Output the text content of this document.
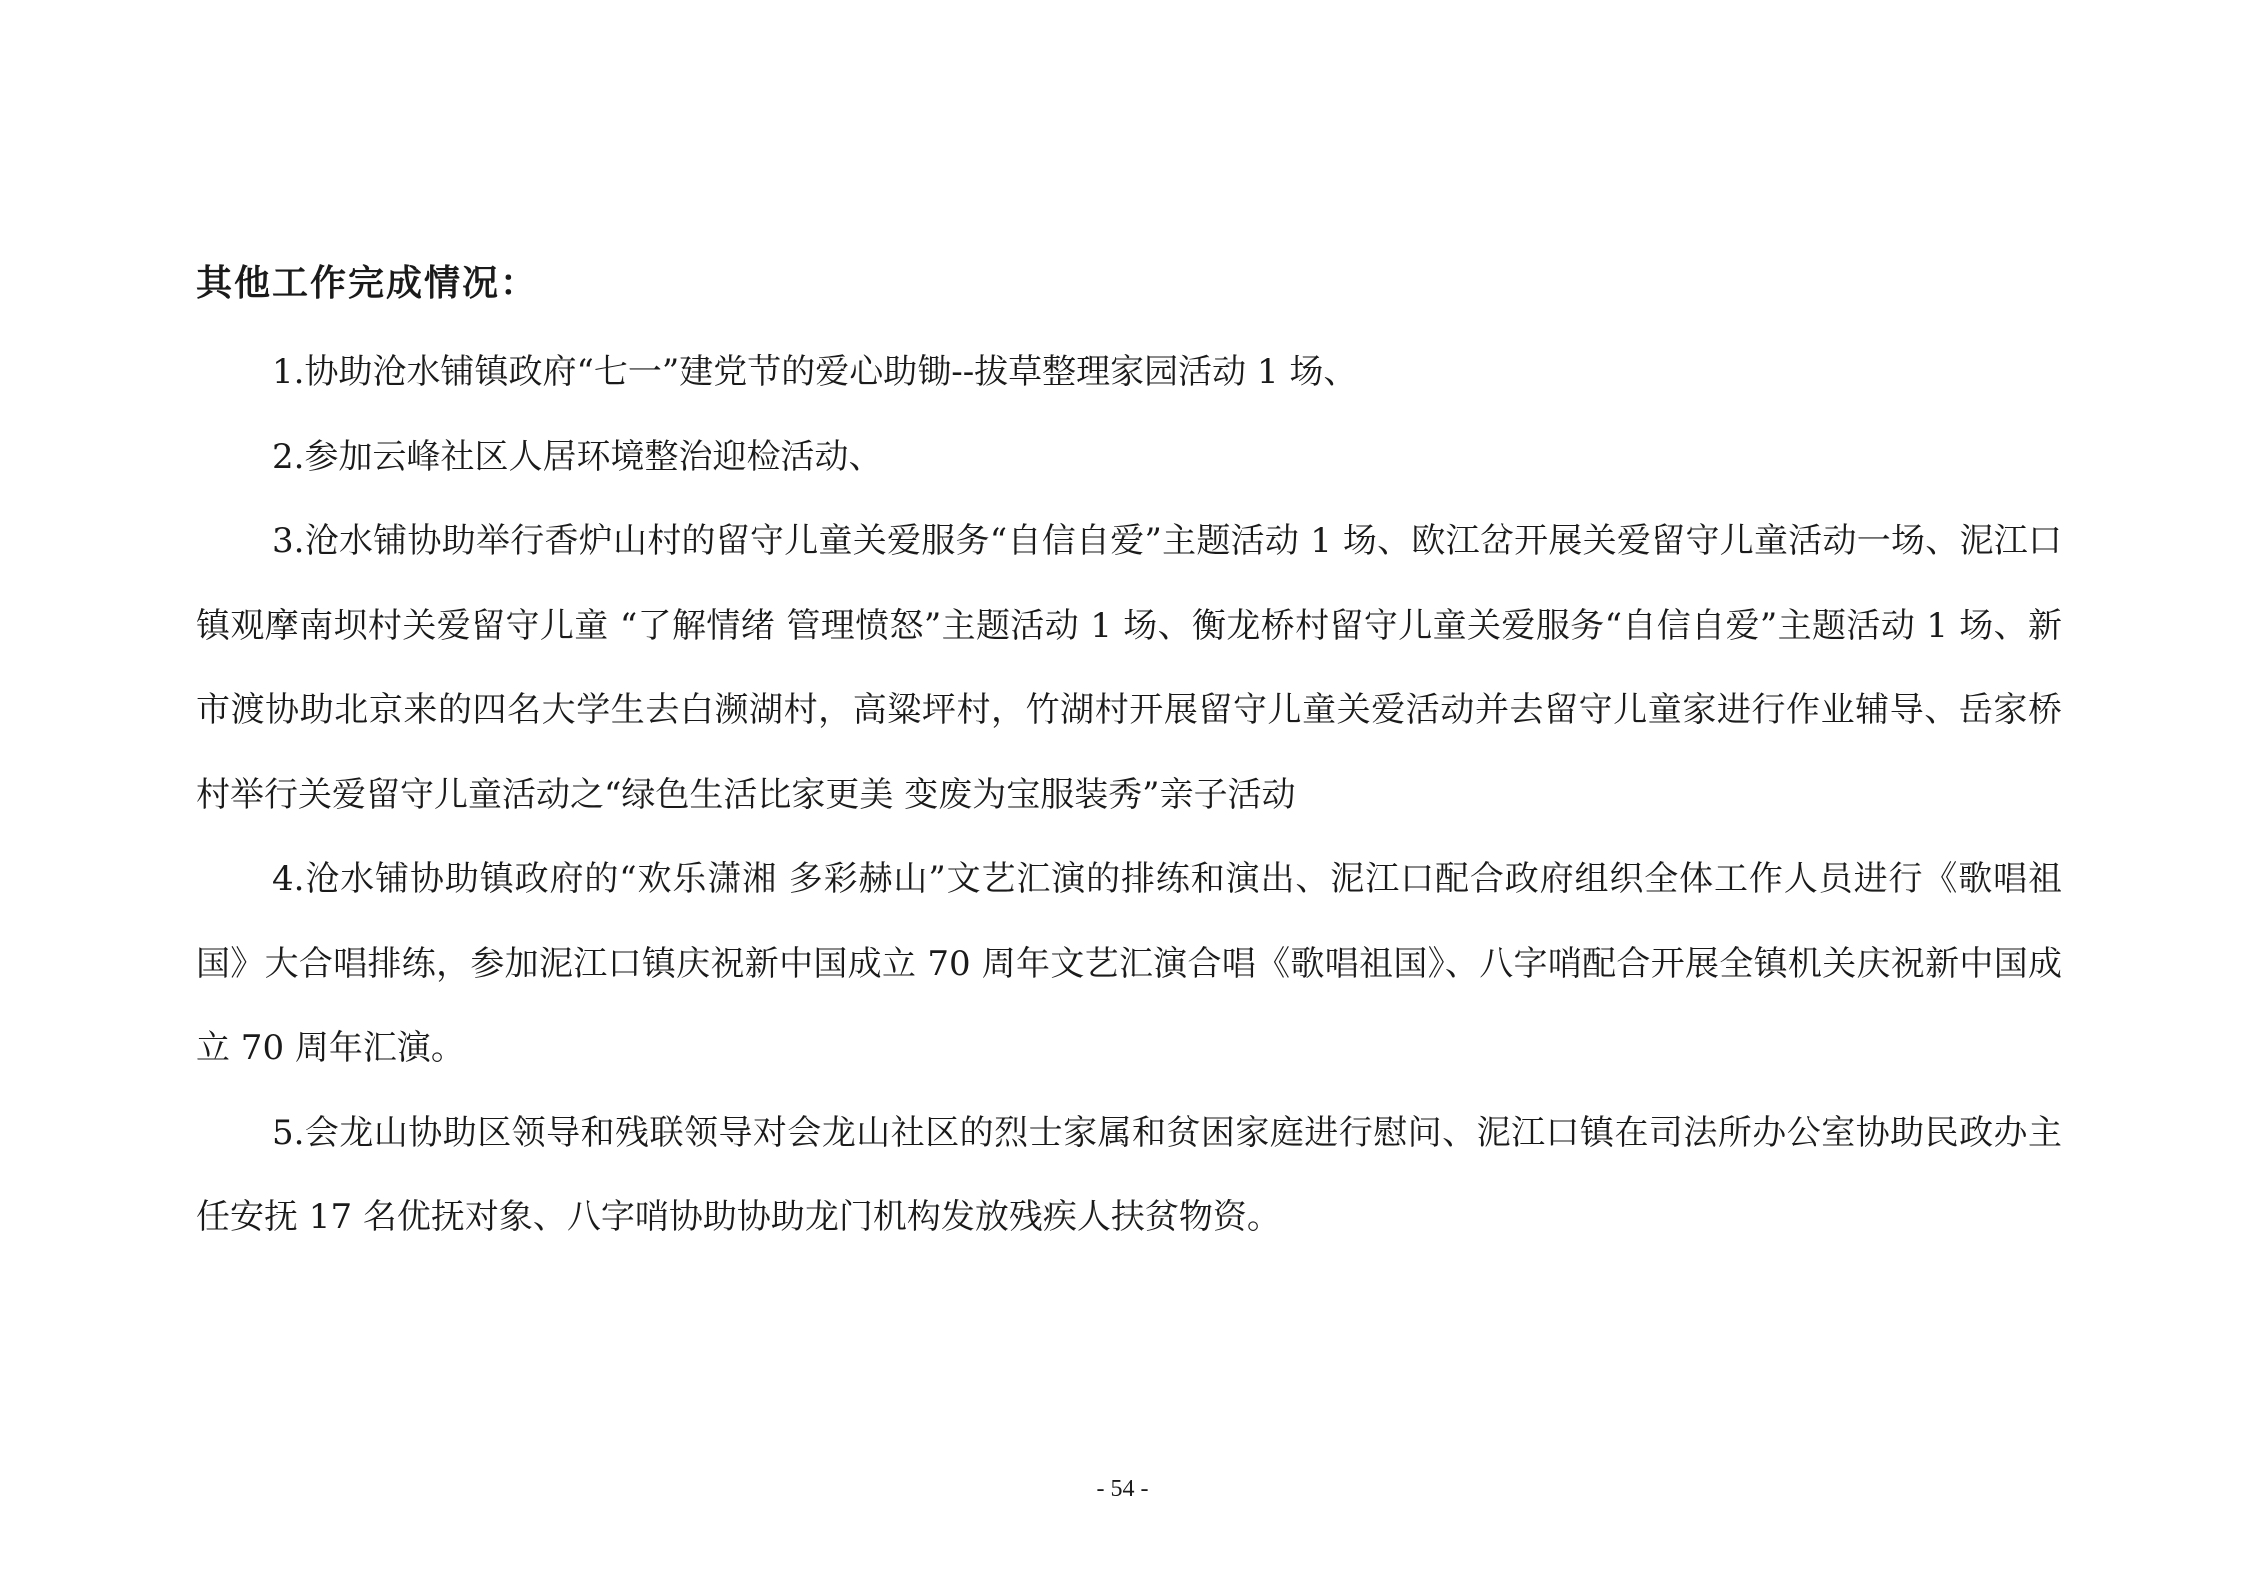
其他工作完成情况：

1.协助沧水铺镇政府“七一”建党节的爱心助锄--拔草整理家园活动 1 场、

2.参加云峰社区人居环境整治迎检活动、

3.沧水铺协助举行香炉山村的留守儿童关爱服务“自信自爱”主题活动 1 场、欧江岔开展关爱留守儿童活动一场、泥江口镇观摩南坝村关爱留守儿童 “了解情绪 管理愤怒”主题活动 1 场、衡龙桥村留守儿童关爱服务“自信自爱”主题活动 1 场、新市渡协助北京来的四名大学生去白濒湖村，高粱坪村，竹湖村开展留守儿童关爱活动并去留守儿童家进行作业辅导、岳家桥村举行关爱留守儿童活动之“绿色生活比家更美 变废为宝服装秀”亲子活动

4.沧水铺协助镇政府的“欢乐潇湘 多彩赫山”文艺汇演的排练和演出、泥江口配合政府组织全体工作人员进行《歌唱祖国》大合唱排练，参加泥江口镇庆祝新中国成立 70 周年文艺汇演合唱《歌唱祖国》、八字哨配合开展全镇机关庆祝新中国成立 70 周年汇演。

5.会龙山协助区领导和残联领导对会龙山社区的烈士家属和贫困家庭进行慰问、泥江口镇在司法所办公室协助民政办主任安抚 17 名优抚对象、八字哨协助协助龙门机构发放残疾人扶贫物资。

- 54 -
